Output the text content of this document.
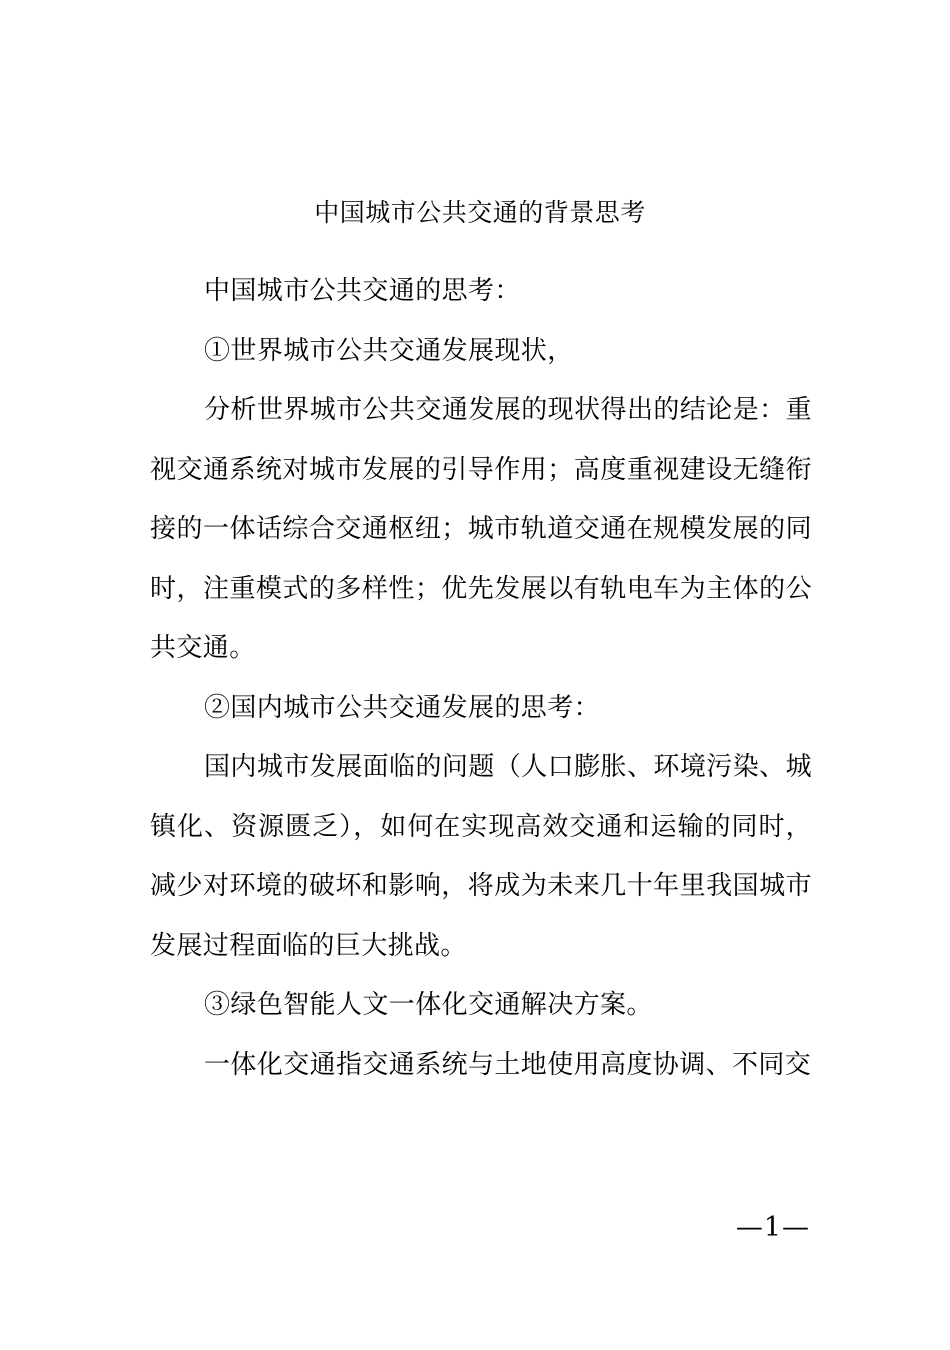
中国城市公共交通的背景思考

中国城市公共交通的思考：

①世界城市公共交通发展现状，

分析世界城市公共交通发展的现状得出的结论是：重视交通系统对城市发展的引导作用；高度重视建设无缝衔接的一体话综合交通枢纽；城市轨道交通在规模发展的同时，注重模式的多样性；优先发展以有轨电车为主体的公共交通。

②国内城市公共交通发展的思考：

国内城市发展面临的问题（人口膨胀、环境污染、城镇化、资源匮乏），如何在实现高效交通和运输的同时，减少对环境的破坏和影响，将成为未来几十年里我国城市发展过程面临的巨大挑战。

③绿色智能人文一体化交通解决方案。

一体化交通指交通系统与土地使用高度协调、不同交

—1—
